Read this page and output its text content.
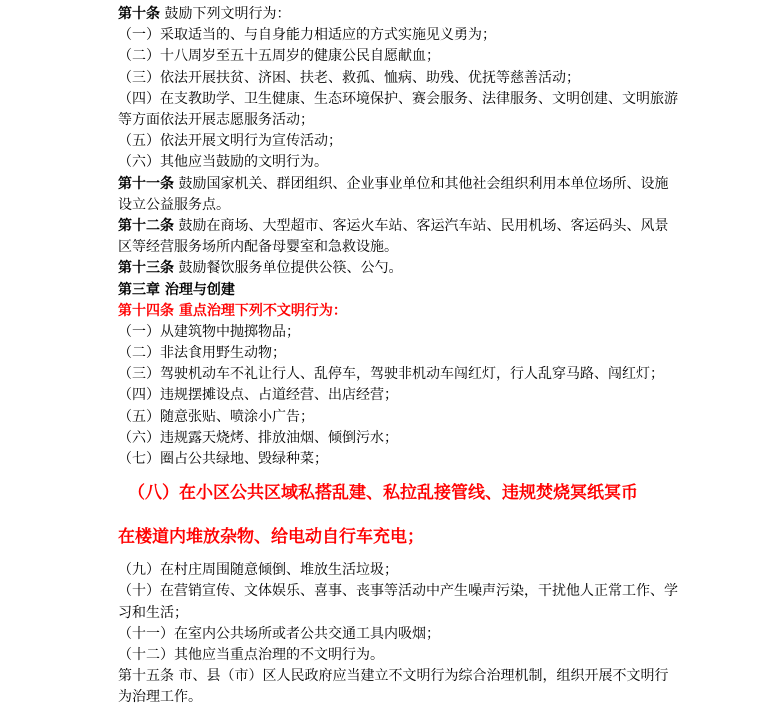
第十条 鼓励下列文明行为：
（一）采取适当的、与自身能力相适应的方式实施见义勇为；
（二）十八周岁至五十五周岁的健康公民自愿献血；
（三）依法开展扶贫、济困、扶老、救孤、恤病、助残、优抚等慈善活动；
（四）在支教助学、卫生健康、生态环境保护、赛会服务、法律服务、文明创建、文明旅游等方面依法开展志愿服务活动；
（五）依法开展文明行为宣传活动；
（六）其他应当鼓励的文明行为。
第十一条 鼓励国家机关、群团组织、企业事业单位和其他社会组织利用本单位场所、设施设立公益服务点。
第十二条 鼓励在商场、大型超市、客运火车站、客运汽车站、民用机场、客运码头、风景区等经营服务场所内配备母婴室和急救设施。
第十三条 鼓励餐饮服务单位提供公筷、公勺。
第三章 治理与创建
第十四条 重点治理下列不文明行为：
（一）从建筑物中抛掷物品；
（二）非法食用野生动物；
（三）驾驶机动车不礼让行人、乱停车，驾驶非机动车闯红灯，行人乱穿马路、闯红灯；
（四）违规摆摊设点、占道经营、出店经营；
（五）随意张贴、喷涂小广告；
（六）违规露天烧烤、排放油烟、倾倒污水；
（七）圈占公共绿地、毁绿种菜；
（八）在小区公共区域私搭乱建、私拉乱接管线、违规焚烧冥纸冥币
在楼道内堆放杂物、给电动自行车充电；
（九）在村庄周围随意倾倒、堆放生活垃圾；
（十）在营销宣传、文体娱乐、喜事、丧事等活动中产生噪声污染，干扰他人正常工作、学习和生活；
（十一）在室内公共场所或者公共交通工具内吸烟；
（十二）其他应当重点治理的不文明行为。
第十五条 市、县（市）区人民政府应当建立不文明行为综合治理机制，组织开展不文明行为治理工作。
